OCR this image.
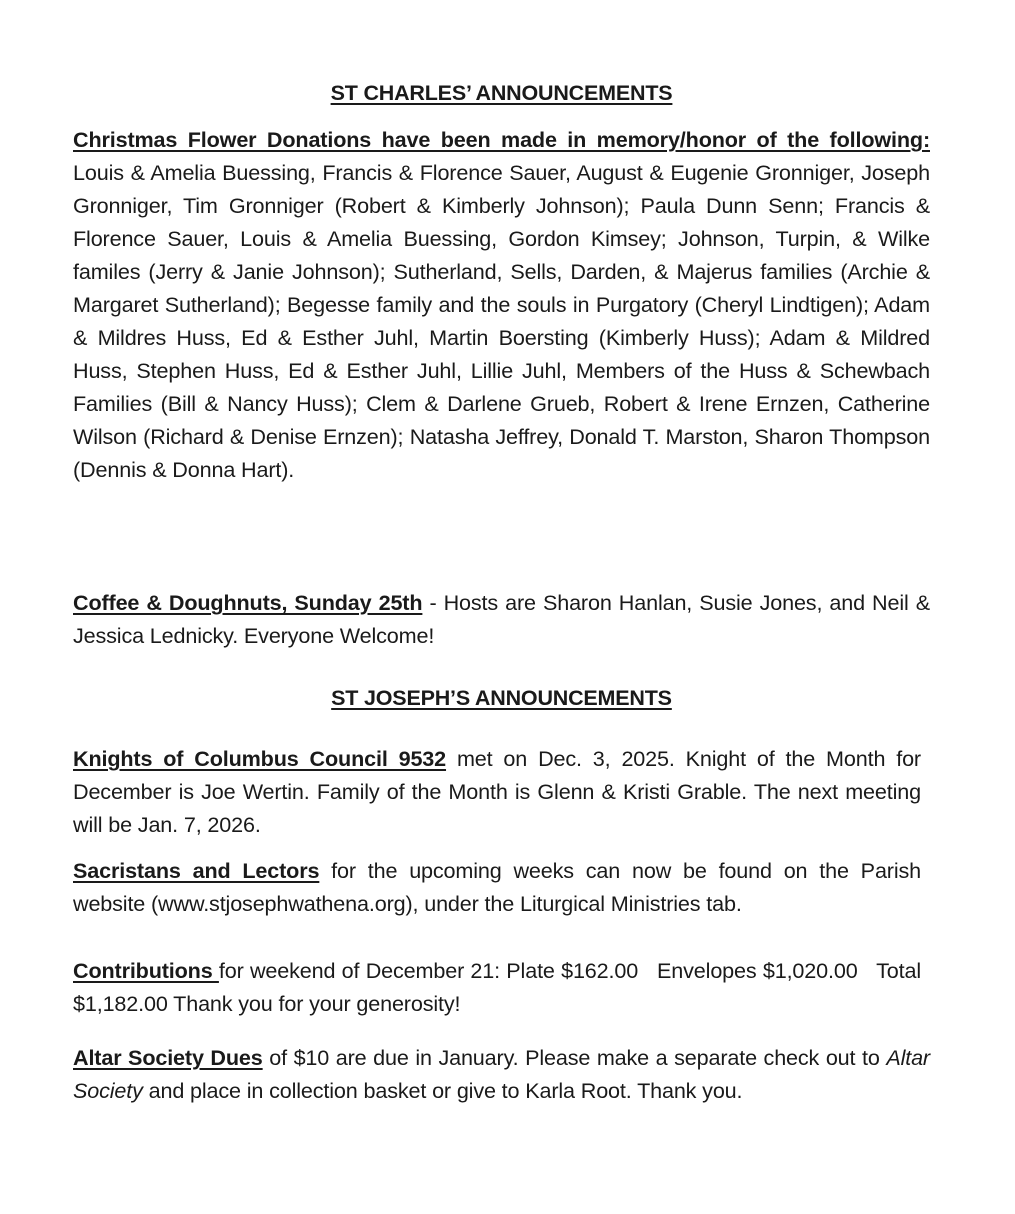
ST CHARLES’ ANNOUNCEMENTS

Christmas Flower Donations have been made in memory/honor of the following: Louis & Amelia Buessing, Francis & Florence Sauer, August & Eugenie Gronniger, Joseph Gronniger, Tim Gronniger (Robert & Kimberly Johnson); Paula Dunn Senn; Francis & Florence Sauer, Louis & Amelia Buessing, Gordon Kimsey; Johnson, Turpin, & Wilke familes (Jerry & Janie Johnson); Sutherland, Sells, Darden, & Majerus families (Archie & Margaret Sutherland); Begesse family and the souls in Purgatory (Cheryl Lindtigen); Adam & Mildres Huss, Ed & Esther Juhl, Martin Boersting (Kimberly Huss); Adam & Mildred Huss, Stephen Huss, Ed & Esther Juhl, Lillie Juhl, Members of the Huss & Schewbach Families (Bill & Nancy Huss); Clem & Darlene Grueb, Robert & Irene Ernzen, Catherine Wilson (Richard & Denise Ernzen); Natasha Jeffrey, Donald T. Marston, Sharon Thompson (Dennis & Donna Hart).

Coffee & Doughnuts, Sunday 25th - Hosts are Sharon Hanlan, Susie Jones, and Neil & Jessica Lednicky. Everyone Welcome!

ST JOSEPH’S ANNOUNCEMENTS

Knights of Columbus Council 9532 met on Dec. 3, 2025. Knight of the Month for December is Joe Wertin. Family of the Month is Glenn & Kristi Grable. The next meeting will be Jan. 7, 2026.

Sacristans and Lectors for the upcoming weeks can now be found on the Parish website (www.stjosephwathena.org), under the Liturgical Ministries tab.

Contributions for weekend of December 21: Plate $162.00   Envelopes $1,020.00   Total $1,182.00 Thank you for your generosity!

Altar Society Dues of $10 are due in January. Please make a separate check out to Altar Society and place in collection basket or give to Karla Root. Thank you.
